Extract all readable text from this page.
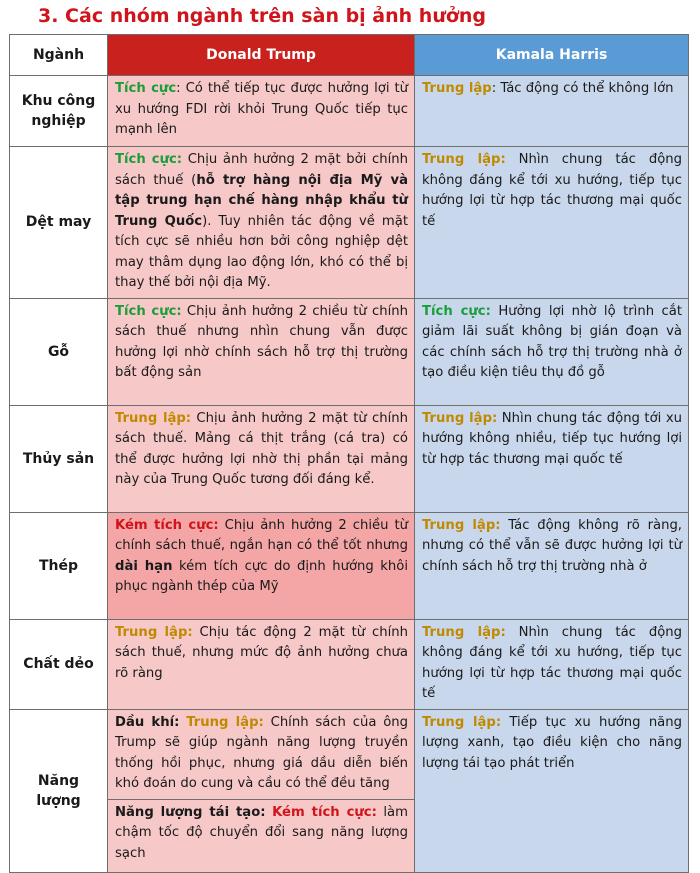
3. Các nhóm ngành trên sàn bị ảnh hưởng
Ngành	Donald Trump	Kamala Harris
Khu công nghiệp	Tích cực: Có thể tiếp tục được hưởng lợi từ xu hướng FDI rời khỏi Trung Quốc tiếp tục mạnh lên	Trung lập: Tác động có thể không lớn

Dệt may	Tích cực: Chịu ảnh hưởng 2 mặt bởi chính sách thuế (hỗ trợ hàng nội địa Mỹ và tập trung hạn chế hàng nhập khẩu từ Trung Quốc). Tuy nhiên tác động về mặt tích cực sẽ nhiều hơn bởi công nghiệp dệt may thâm dụng lao động lớn, khó có thể bị thay thế bởi nội địa Mỹ.	Trung lập: Nhìn chung tác động không đáng kể tới xu hướng, tiếp tục hướng lợi từ hợp tác thương mại quốc tế

Gỗ	Tích cực: Chịu ảnh hưởng 2 chiều từ chính sách thuế nhưng nhìn chung vẫn được hưởng lợi nhờ chính sách hỗ trợ thị trường bất động sản	Tích cực: Hưởng lợi nhờ lộ trình cắt giảm lãi suất không bị gián đoạn và các chính sách hỗ trợ thị trường nhà ở tạo điều kiện tiêu thụ đồ gỗ

Thủy sản	Trung lập: Chịu ảnh hưởng 2 mặt từ chính sách thuế. Mảng cá thịt trắng (cá tra) có thể được hưởng lợi nhờ thị phần tại mảng này của Trung Quốc tương đối đáng kể.	Trung lập: Nhìn chung tác động tới xu hướng không nhiều, tiếp tục hướng lợi từ hợp tác thương mại quốc tế

Thép	Kém tích cực: Chịu ảnh hưởng 2 chiều từ chính sách thuế, ngắn hạn có thể tốt nhưng dài hạn kém tích cực do định hướng khôi phục ngành thép của Mỹ	Trung lập: Tác động không rõ ràng, nhưng có thể vẫn sẽ được hưởng lợi từ chính sách hỗ trợ thị trường nhà ở

Chất dẻo	Trung lập: Chịu tác động 2 mặt từ chính sách thuế, nhưng mức độ ảnh hưởng chưa rõ ràng	Trung lập: Nhìn chung tác động không đáng kể tới xu hướng, tiếp tục hướng lợi từ hợp tác thương mại quốc tế

Năng lượng	Dầu khí: Trung lập: Chính sách của ông Trump sẽ giúp ngành năng lượng truyền thống hồi phục, nhưng giá dầu diễn biến khó đoán do cung và cầu có thể đều tăng	Trung lập: Tiếp tục xu hướng năng lượng xanh, tạo điều kiện cho năng lượng tái tạo phát triển

	Năng lượng tái tạo: Kém tích cực: làm chậm tốc độ chuyển đổi sang năng lượng sạch	
